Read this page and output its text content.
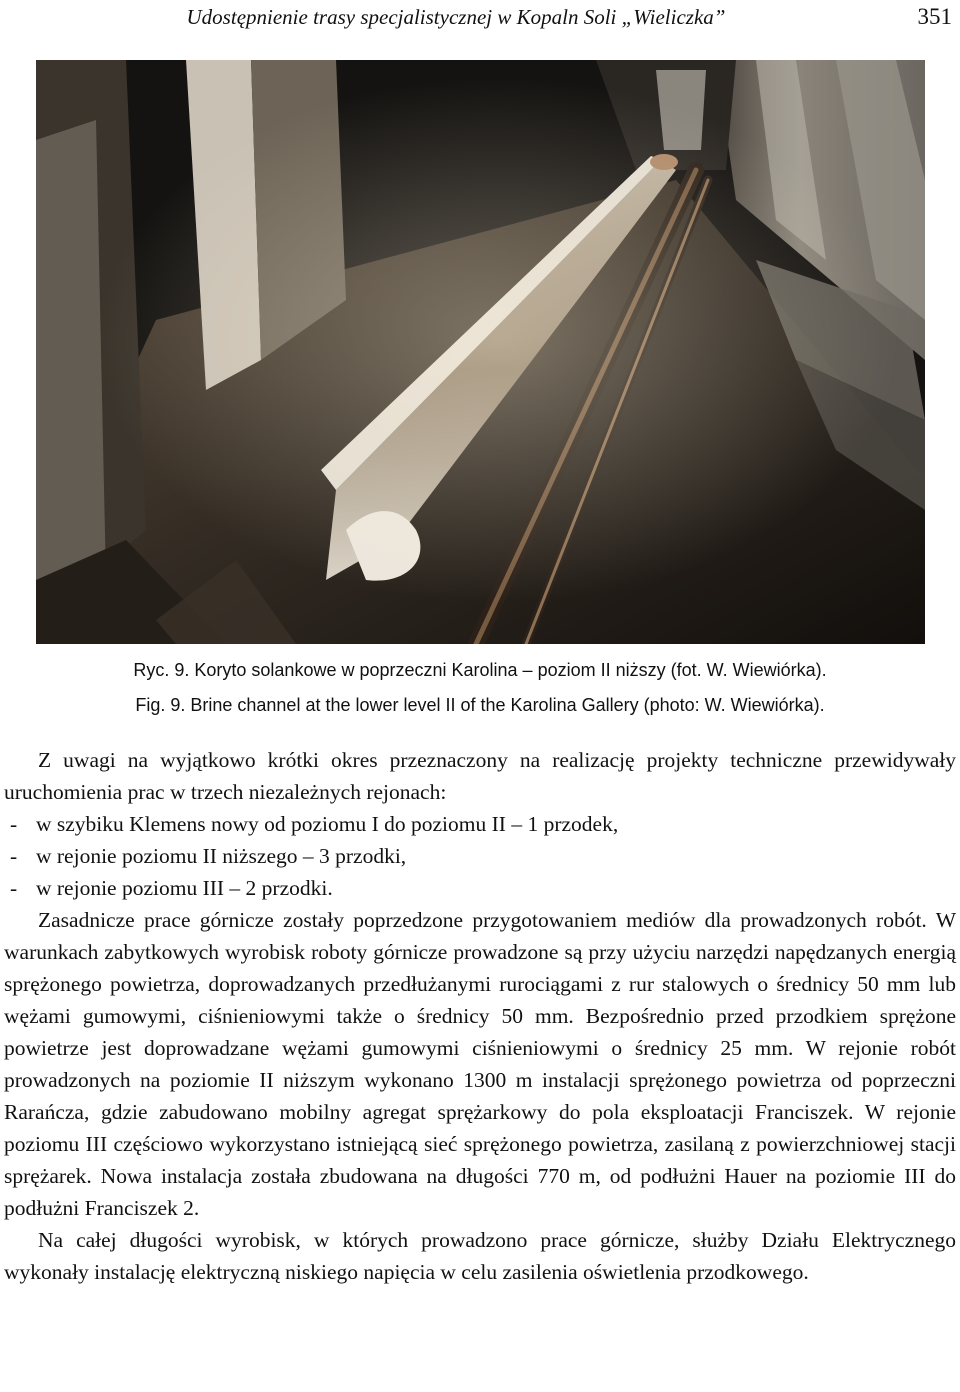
Udostępnienie trasy specjalistycznej w Kopaln Soli „Wieliczka”	351
Ryc. 9. Koryto solankowe w poprzeczni Karolina – poziom II niższy (fot. W. Wiewiórka).
Fig. 9. Brine channel at the lower level II of the Karolina Gallery (photo: W. Wiewiórka).

Z uwagi na wyjątkowo krótki okres przeznaczony na realizację projekty techniczne przewidywały uruchomienia prac w trzech niezależnych rejonach:

- w szybiku Klemens nowy od poziomu I do poziomu II – 1 przodek,
- w rejonie poziomu II niższego – 3 przodki,
- w rejonie poziomu III – 2 przodki.

Zasadnicze prace górnicze zostały poprzedzone przygotowaniem mediów dla prowadzonych robót. W warunkach zabytkowych wyrobisk roboty górnicze prowadzone są przy użyciu narzędzi napędzanych energią sprężonego powietrza, doprowadzanych przedłużanymi rurociągami z rur stalowych o średnicy 50 mm lub wężami gumowymi, ciśnieniowymi także o średnicy 50 mm. Bezpośrednio przed przodkiem sprężone powietrze jest doprowadzane wężami gumowymi ciśnieniowymi o średnicy 25 mm. W rejonie robót prowadzonych na poziomie II niższym wykonano 1300 m instalacji sprężonego powietrza od poprzeczni Rarańcza, gdzie zabudowano mobilny agregat sprężarkowy do pola eksploatacji Franciszek. W rejonie poziomu III częściowo wykorzystano istniejącą sieć sprężonego powietrza, zasilaną z powierzchniowej stacji sprężarek. Nowa instalacja została zbudowana na długości 770 m, od podłużni Hauer na poziomie III do podłużni Franciszek 2.

Na całej długości wyrobisk, w których prowadzono prace górnicze, służby Działu Elektrycznego wykonały instalację elektryczną niskiego napięcia w celu zasilenia oświetlenia przodkowego.
